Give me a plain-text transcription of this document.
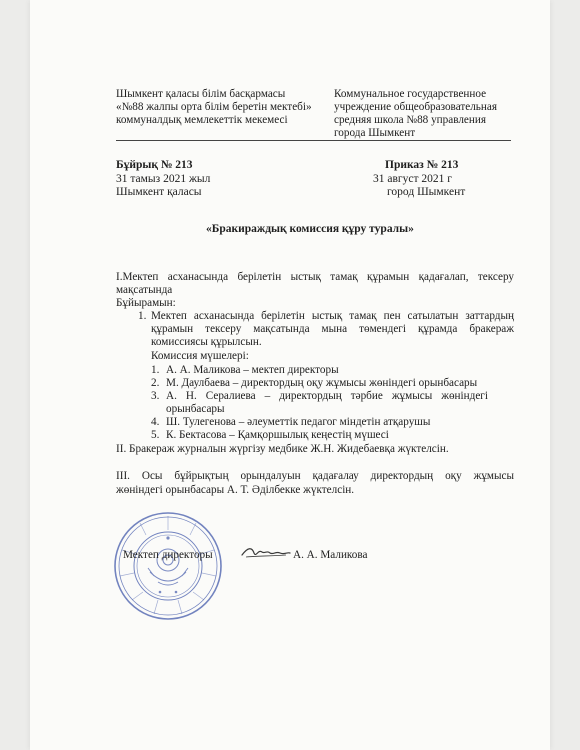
Шымкент қаласы білім басқармасы
«№88 жалпы орта білім беретін мектебі»
коммуналдық мемлекеттік мекемесі
Коммунальное государственное
учреждение общеобразовательная
средняя школа №88 управления
города Шымкент
Бұйрық № 213
31 тамыз 2021 жыл
Шымкент қаласы
Приказ № 213
31 август 2021 г
город Шымкент
«Бракираждық комиссия құру туралы»
I.Мектеп асханасында берілетін ыстық тамақ құрамын қадағалап, тексеру
мақсатында
Бұйырамын:
1. Мектеп асханасында берілетін ыстық тамақ пен сатылатын заттардың
құрамын тексеру мақсатында мына төмендегі құрамда бракераж
комиссиясы құрылсын.
Комиссия мүшелері:
1. А. А. Маликова – мектеп директоры
2. М. Даулбаева – директордың оқу жұмысы жөніндегі орынбасары
3. А. Н. Сералиева – директордың тәрбие жұмысы жөніндегі
орынбасары
4. Ш. Тулегенова – әлеуметтік педагог міндетін атқарушы
5. К. Бектасова – Қамқоршылық кеңестің мүшесі
II. Бракераж журналын жүргізу медбике Ж.Н. Жидебаевқа жүктелсін.
III. Осы бұйрықтың орындалуын қадағалау директордың оқу жұмысы
жөніндегі орынбасары А. Т. Әділбекке жүктелсін.
Мектеп директоры	А. А. Маликова
